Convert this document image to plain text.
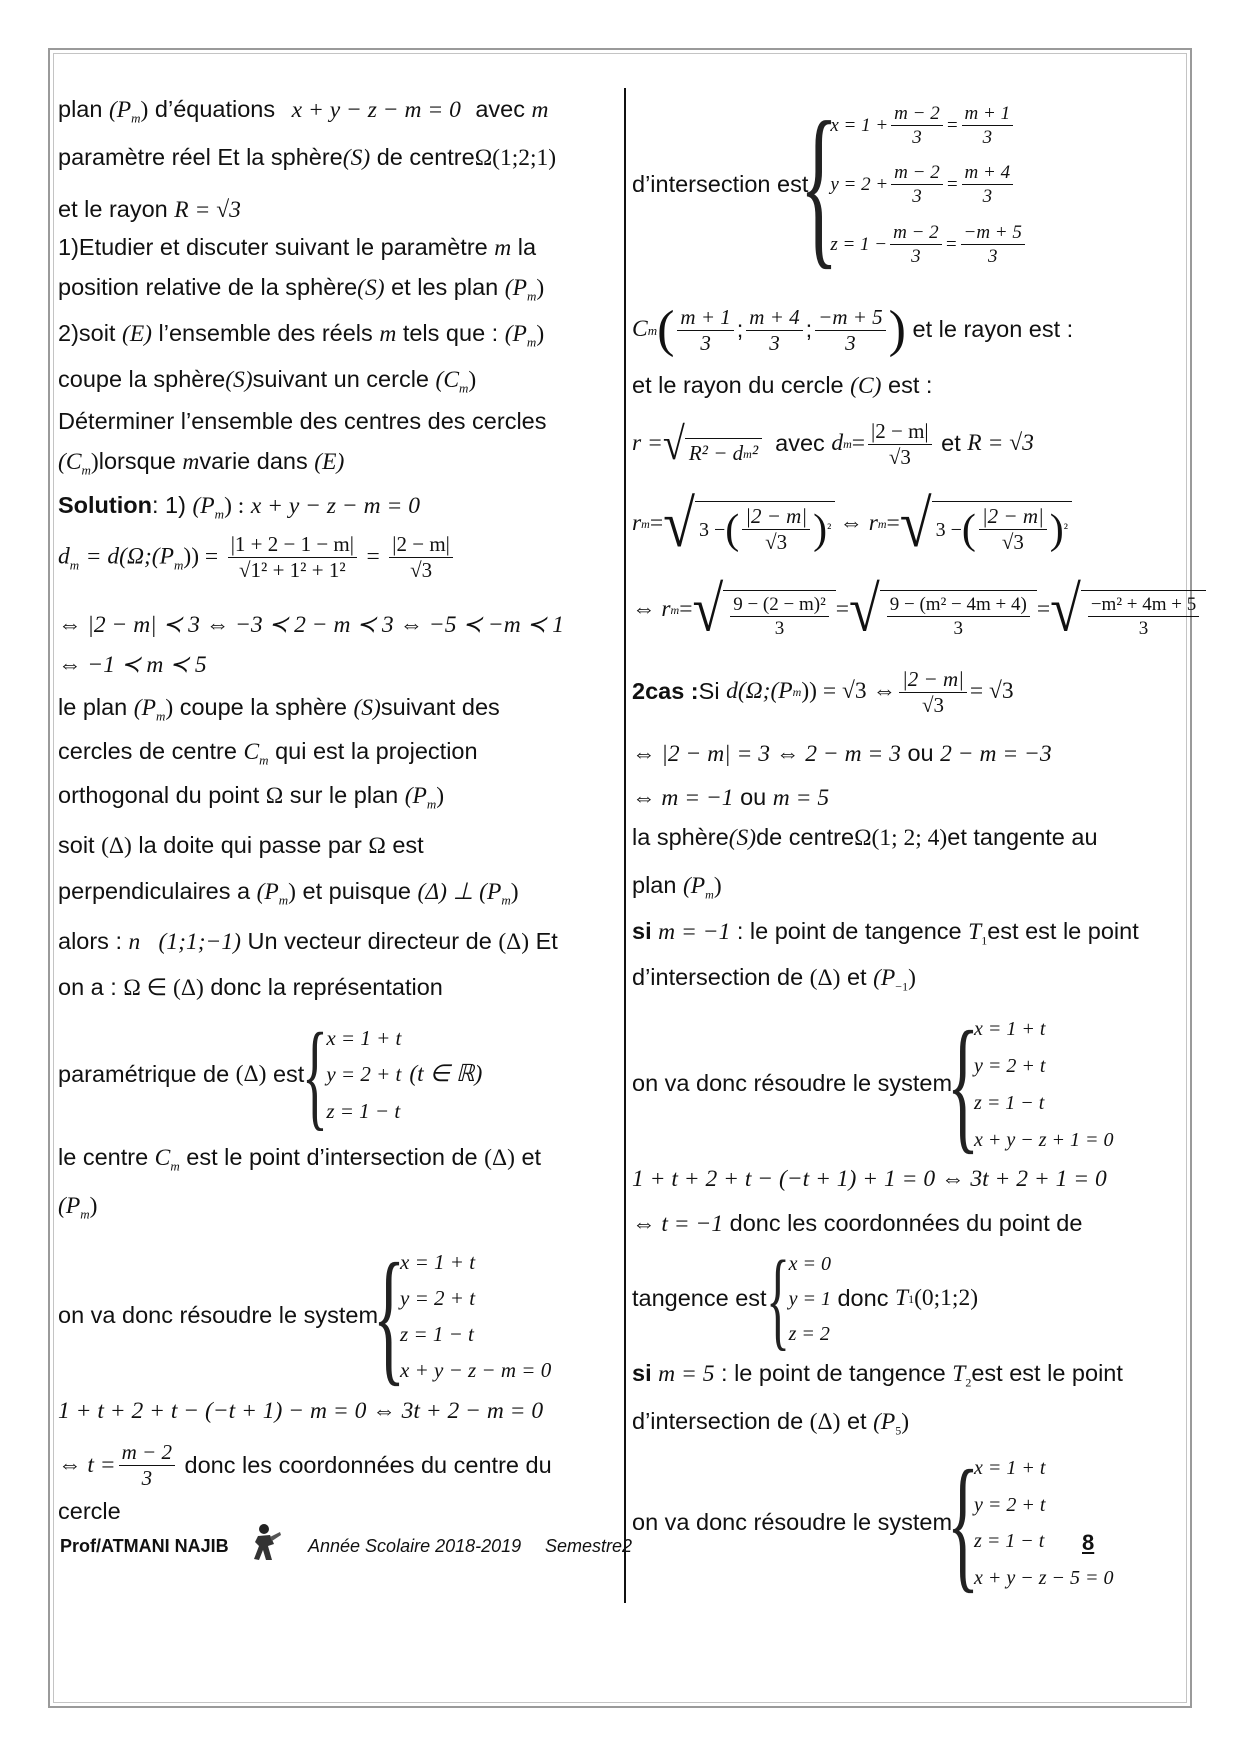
plan $(P_m)$ d’équations x + y − z − m = 0 avec m
paramètre réel Et la sphère(S) de centreΩ(1;2;1)
et le rayon R = √3
1)Etudier et discuter suivant le paramètre m la
position relative de la sphère(S) et les plan $(P_m)$
2)soit (E) l’ensemble des réels m tels que : $(P_m)$
coupe la sphère(S)suivant un cercle $(C_m)$
Déterminer l’ensemble des centres des cercles
$(C_m)lorsque$ mvarie dans (E)
Solution: 1) $(P_m)$ : x + y − z − m = 0
$d_m$ = $d(\Omega;(P_m)) = \frac{|1 + 2 - 1 - m|}{\text{√1² + 1² + 1²}} = \frac{|2 - m|}{√3}$
⇔ |2 − m| ≺ 3 ⇔ −3 ≺ 2 − m ≺ 3 ⇔ −5 ≺ −m ≺ 1
⇔ −1 ≺ m ≺ 5
le plan $(P_m)$ coupe la sphère (S)suivant des
cercles de centre $C_m$ qui est la projection
orthogonal du point Ω sur le plan $(P_m)$
soit (Δ) la doite qui passe par Ω est
perpendiculaires a $(P_m)$ et puisque (Δ) ⊥ $(P_m)$
alors : n⃗(1;1;−1) Un vecteur directeur de (Δ) Et
on a : Ω ∈ (Δ) donc la représentation
paramétrique de
(Δ)
est
{
x = 1 + t
y = 2 + t
z = 1 − t
(t ∈ ℝ)
le centre $C_m$ est le point d’intersection de (Δ) et
$(P_m)$
on va donc résoudre le system
{
x = 1 + t
y = 2 + t
z = 1 − t
x + y − z − m = 0
1 + t + 2 + t − (−t + 1) − m = 0 ⇔ 3t + 2 − m = 0
⇔ $t = \frac{m - 2}{3}$
donc les coordonnées du centre du
cercle
d’intersection est
{
$x = 1 + \frac{m - 2}{3} = \frac{m + 1}{3}$
$y = 2 + \frac{m - 2}{3} = \frac{m + 4}{3}$
$z = 1 - \frac{m - 2}{3} = \frac{-m + 5}{3}$
C m ( $\frac{m + 1}{3}$ ; $\frac{m + 4}{3}$ ; $\frac{-m + 5}{3}$ )
et le rayon est :
et le rayon du cercle (C) est :
r = √ R² − d m ²
avec
d $m = \frac{|2 - m|}{√3}$
et
R = √3
r m = √ 3 − ( $\frac{|2 - m|}{√3}$ ) ² ⇔ r m = √ 3 − ( $\frac{|2 - m|}{√3}$ ) ²
⇔ r m = √ $\frac{\text{9 − (2 − m)²}}{3}$ = √ $\frac{\text{9 − (m² − 4m + 4)}}{3}$ = √ $\frac{\text{−m² + 4m + 5}}{3}$
2cas : Si
d(Ω;(P m )) = √3 ⇔ $\frac{|2 - m|}{√3} = √3$
⇔ |2 − m| = 3 ⇔ 2 − m = 3 ou 2 − m = −3
⇔ m = −1 ou m = 5
la sphère(S)de centreΩ(1; 2; 4)et tangente au
plan $(P_m)$
si m = −1 : le point de tangence $T_1est$ est le point
d’intersection de (Δ) et $(P_{-1})$
on va donc résoudre le system
{
x = 1 + t
y = 2 + t
z = 1 − t
x + y − z + 1 = 0
1 + t + 2 + t − (−t + 1) + 1 = 0 ⇔ 3t + 2 + 1 = 0
⇔ t = −1 donc les coordonnées du point de
tangence est { x = 0
y = 1
z = 2

donc
T 1 (0;1;2)
si m = 5 : le point de tangence $T_2est$ est le point
d’intersection de (Δ) et $(P_5)$
on va donc résoudre le system
{
x = 1 + t
y = 2 + t
z = 1 − t
x + y − z − 5 = 0
Prof/ATMANI NAJIB	Année Scolaire 2018-2019 Semestre2	8
